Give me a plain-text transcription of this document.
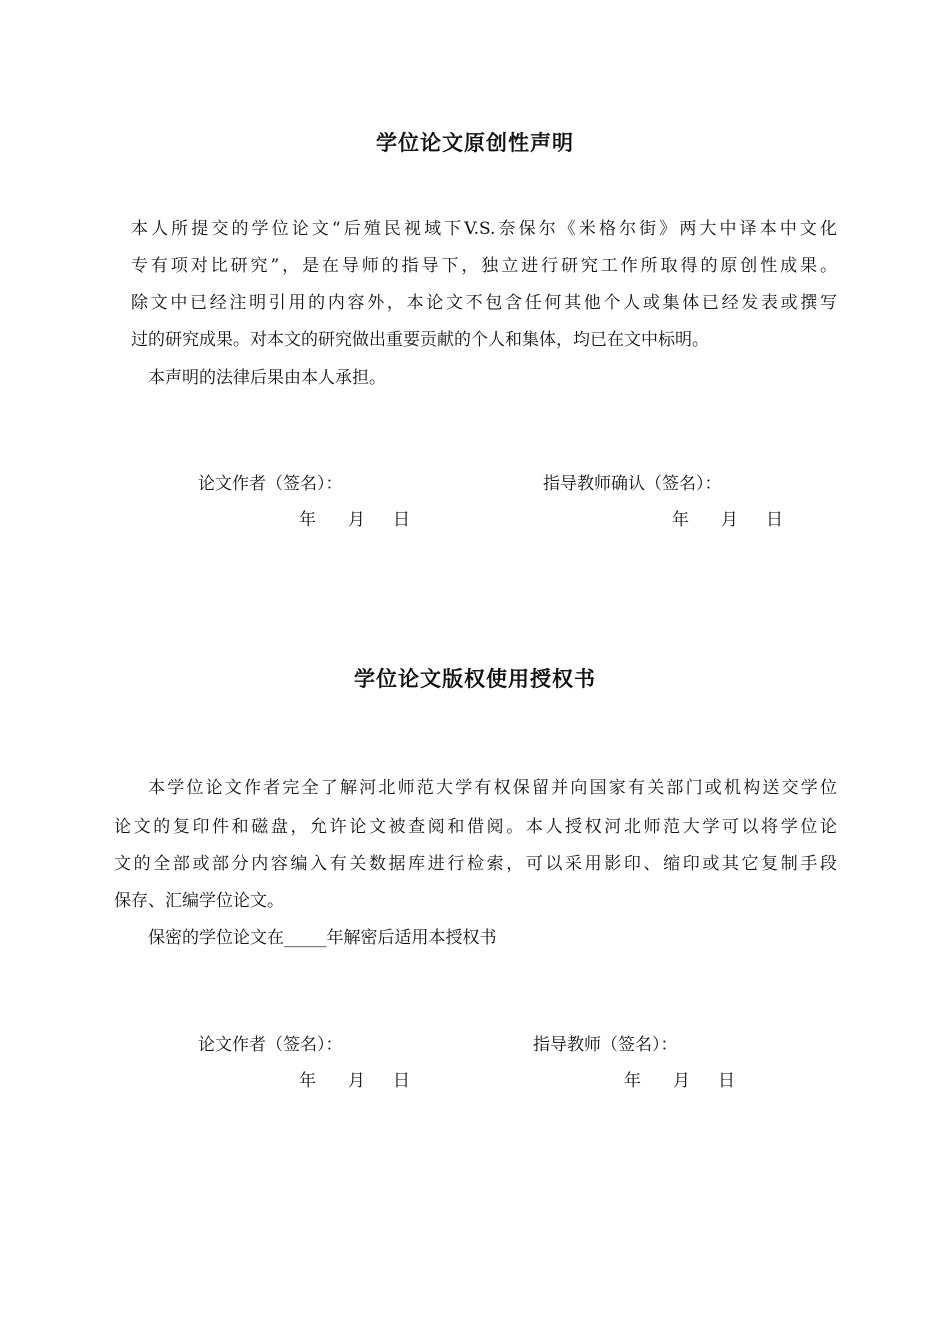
学位论文原创性声明
本人所提交的学位论文“后殖民视域下V.S.奈保尔《米格尔街》两大中译本中文化
专有项对比研究”，是在导师的指导下，独立进行研究工作所取得的原创性成果。
除文中已经注明引用的内容外，本论文不包含任何其他个人或集体已经发表或撰写
过的研究成果。对本文的研究做出重要贡献的个人和集体，均已在文中标明。
本声明的法律后果由本人承担。
论文作者（签名）：	指导教师确认（签名）：
年 月 日	年 月 日
学位论文版权使用授权书
本学位论文作者完全了解河北师范大学有权保留并向国家有关部门或机构送交学位
论文的复印件和磁盘，允许论文被查阅和借阅。本人授权河北师范大学可以将学位论
文的全部或部分内容编入有关数据库进行检索，可以采用影印、缩印或其它复制手段
保存、汇编学位论文。
保密的学位论文在_____年解密后适用本授权书
论文作者（签名）：	指导教师（签名）：
年 月 日	年 月 日
